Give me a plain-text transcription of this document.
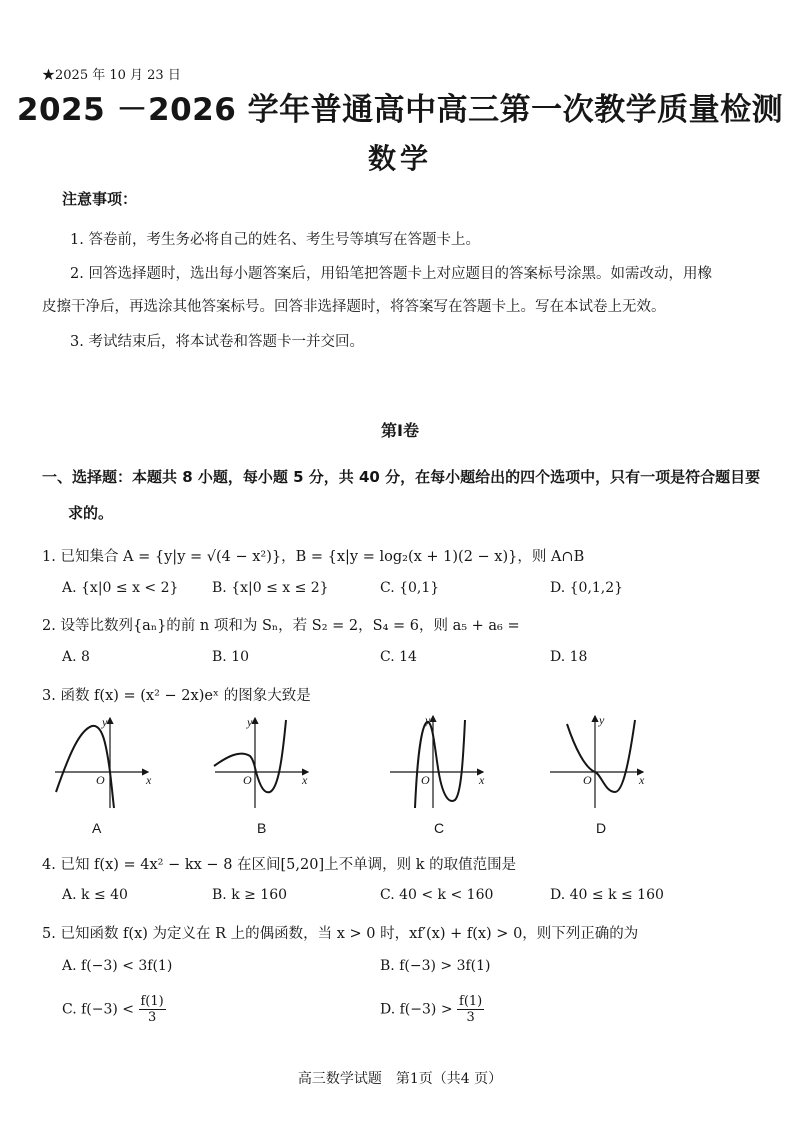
★2025 年 10 月 23 日
2025 －2026 学年普通高中高三第一次教学质量检测
数学
注意事项：
1. 答卷前，考生务必将自己的姓名、考生号等填写在答题卡上。
2. 回答选择题时，选出每小题答案后，用铅笔把答题卡上对应题目的答案标号涂黑。如需改动，用橡
皮擦干净后，再选涂其他答案标号。回答非选择题时，将答案写在答题卡上。写在本试卷上无效。
3. 考试结束后，将本试卷和答题卡一并交回。
第Ⅰ卷
一、选择题：本题共 8 小题，每小题 5 分，共 40 分，在每小题给出的四个选项中，只有一项是符合题目要
求的。
1. 已知集合 A = {y|y = √(4 − x²)}，B = {x|y = log₂(x + 1)(2 − x)}，则 A∩B
A. {x|0 ≤ x < 2} B. {x|0 ≤ x ≤ 2}	C. {0,1}	D. {0,1,2}
2. 设等比数列{aₙ}的前 n 项和为 Sₙ，若 S₂ = 2，S₄ = 6，则 a₅ + a₆ =
A. 8	B. 10	C. 14	D. 18
3. 函数 f(x) = (x² − 2x)eˣ 的图象大致是
y
x
O
A
y
x
O
B
y
x
O
C
y
x
O
D
4. 已知 f(x) = 4x² − kx − 8 在区间[5,20]上不单调，则 k 的取值范围是
A. k ≤ 40	B. k ≥ 160	C. 40 < k < 160	D. 40 ≤ k ≤ 160
5. 已知函数 f(x) 为定义在 R 上的偶函数，当 x > 0 时，xf′(x) + f(x) > 0，则下列正确的为
A. f(−3) < 3f(1)	B. f(−3) > 3f(1)
C. $f(-3) < \frac{f(1)}{3}$	D. $f(-3) > \frac{f(1)}{3}$
高三数学试题　第1页（共4 页）
